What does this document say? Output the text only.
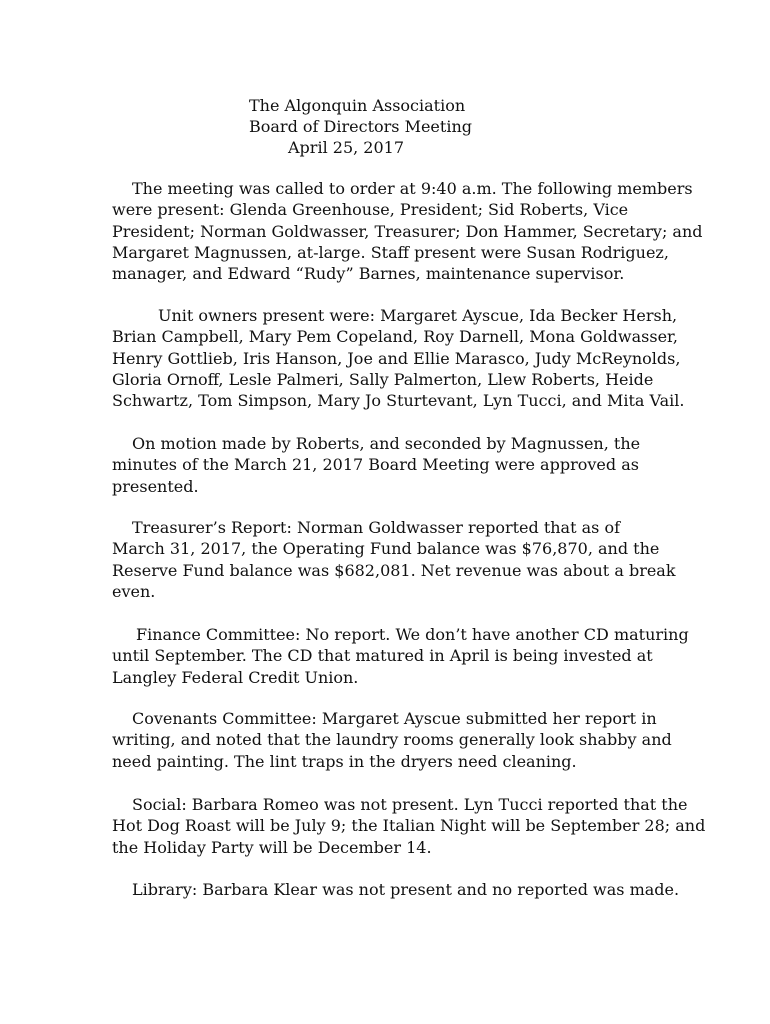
The Algonquin Association
Board of Directors Meeting
April 25, 2017
The meeting was called to order at 9:40 a.m. The following members
were present: Glenda Greenhouse, President; Sid Roberts, Vice
President; Norman Goldwasser, Treasurer; Don Hammer, Secretary; and
Margaret Magnussen, at-large. Staff present were Susan Rodriguez,
manager, and Edward “Rudy” Barnes, maintenance supervisor.
Unit owners present were: Margaret Ayscue, Ida Becker Hersh,
Brian Campbell, Mary Pem Copeland, Roy Darnell, Mona Goldwasser,
Henry Gottlieb, Iris Hanson, Joe and Ellie Marasco, Judy McReynolds,
Gloria Ornoff, Lesle Palmeri, Sally Palmerton, Llew Roberts, Heide
Schwartz, Tom Simpson, Mary Jo Sturtevant, Lyn Tucci, and Mita Vail.
On motion made by Roberts, and seconded by Magnussen, the
minutes of the March 21, 2017 Board Meeting were approved as
presented.
Treasurer’s Report: Norman Goldwasser reported that as of
March 31, 2017, the Operating Fund balance was $76,870, and the
Reserve Fund balance was $682,081. Net revenue was about a break
even.
Finance Committee: No report. We don’t have another CD maturing
until September. The CD that matured in April is being invested at
Langley Federal Credit Union.
Covenants Committee: Margaret Ayscue submitted her report in
writing, and noted that the laundry rooms generally look shabby and
need painting. The lint traps in the dryers need cleaning.
Social: Barbara Romeo was not present. Lyn Tucci reported that the
Hot Dog Roast will be July 9; the Italian Night will be September 28; and
the Holiday Party will be December 14.
Library: Barbara Klear was not present and no reported was made.
